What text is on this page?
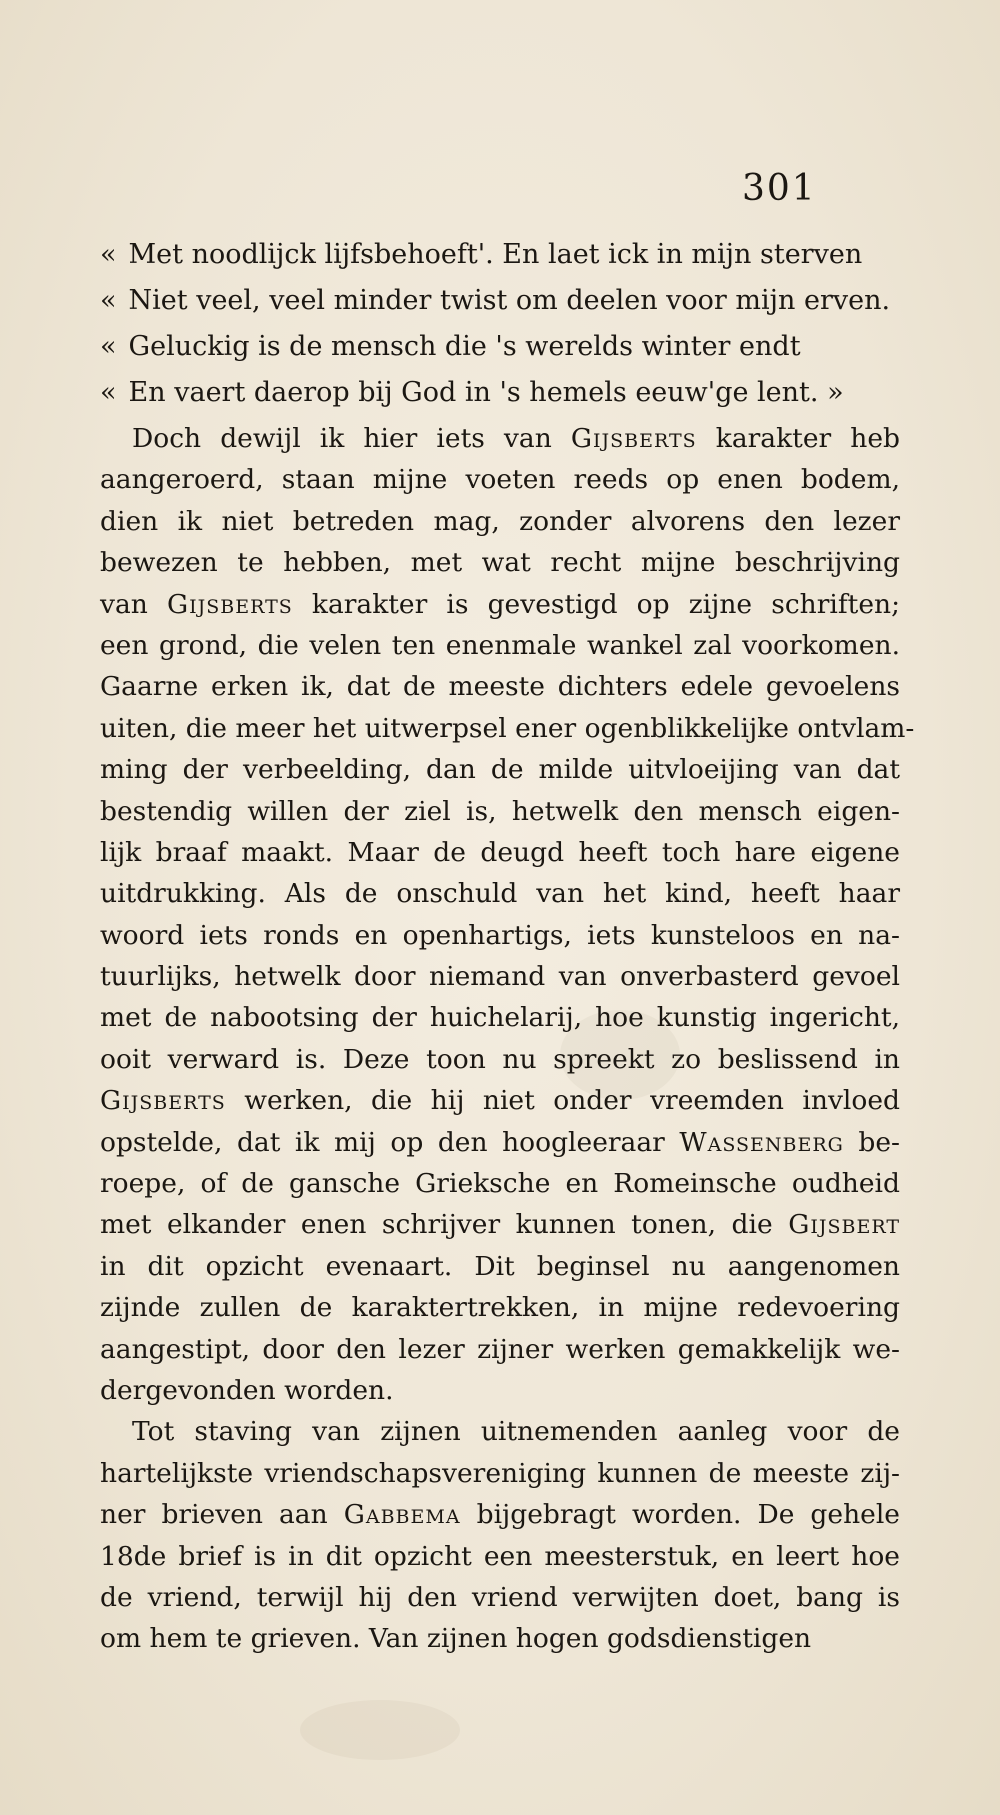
301
« Met noodlijck lijfsbehoeft'. En laet ick in mijn sterven
« Niet veel, veel minder twist om deelen voor mijn erven.
« Geluckig is de mensch die 's werelds winter endt
« En vaert daerop bij God in 's hemels eeuw'ge lent. »
Doch dewijl ik hier iets van Gijsberts karakter heb
aangeroerd, staan mijne voeten reeds op enen bodem,
dien ik niet betreden mag, zonder alvorens den lezer
bewezen te hebben, met wat recht mijne beschrijving
van Gijsberts karakter is gevestigd op zijne schriften;
een grond, die velen ten enenmale wankel zal voorkomen.
Gaarne erken ik, dat de meeste dichters edele gevoelens
uiten, die meer het uitwerpsel ener ogenblikkelijke ontvlam-
ming der verbeelding, dan de milde uitvloeijing van dat
bestendig willen der ziel is, hetwelk den mensch eigen-
lijk braaf maakt. Maar de deugd heeft toch hare eigene
uitdrukking. Als de onschuld van het kind, heeft haar
woord iets ronds en openhartigs, iets kunsteloos en na-
tuurlijks, hetwelk door niemand van onverbasterd gevoel
met de nabootsing der huichelarij, hoe kunstig ingericht,
ooit verward is. Deze toon nu spreekt zo beslissend in
Gijsberts werken, die hij niet onder vreemden invloed
opstelde, dat ik mij op den hoogleeraar Wassenberg be-
roepe, of de gansche Grieksche en Romeinsche oudheid
met elkander enen schrijver kunnen tonen, die Gijsbert
in dit opzicht evenaart. Dit beginsel nu aangenomen
zijnde zullen de karaktertrekken, in mijne redevoering
aangestipt, door den lezer zijner werken gemakkelijk we-
dergevonden worden.
Tot staving van zijnen uitnemenden aanleg voor de
hartelijkste vriendschapsvereniging kunnen de meeste zij-
ner brieven aan Gabbema bijgebragt worden. De gehele
18de brief is in dit opzicht een meesterstuk, en leert hoe
de vriend, terwijl hij den vriend verwijten doet, bang is
om hem te grieven. Van zijnen hogen godsdienstigen
